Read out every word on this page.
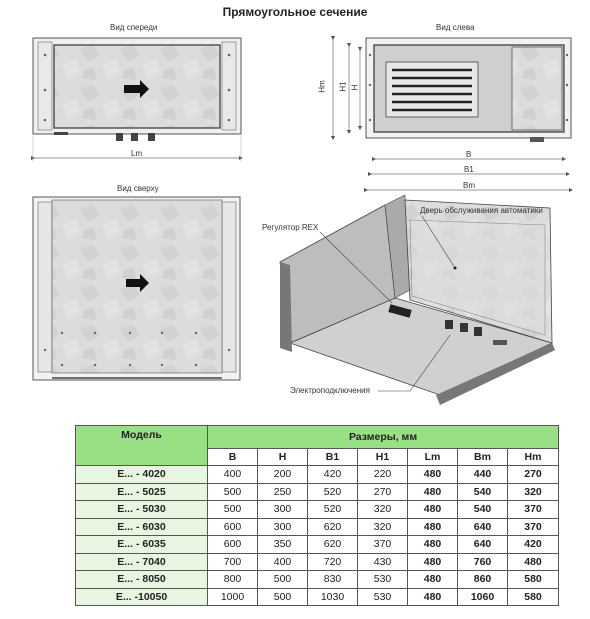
Прямоугольное сечение
Вид спереди	Вид слева
Вид сверху
Lm
Hm H1 H
B
B1
Bm
Регулятор REX
Дверь обслуживания автоматики
Электроподключения
Модель	Размеры, мм						
	B	H	B1	H1	Lm	Bm	Hm
E... - 4020	400	200	420	220	480	440	270
E... - 5025	500	250	520	270	480	540	320
E... - 5030	500	300	520	320	480	540	370
E... - 6030	600	300	620	320	480	640	370
E... - 6035	600	350	620	370	480	640	420
E... - 7040	700	400	720	430	480	760	480
E... - 8050	800	500	830	530	480	860	580
E... -10050	1000	500	1030	530	480	1060	580
